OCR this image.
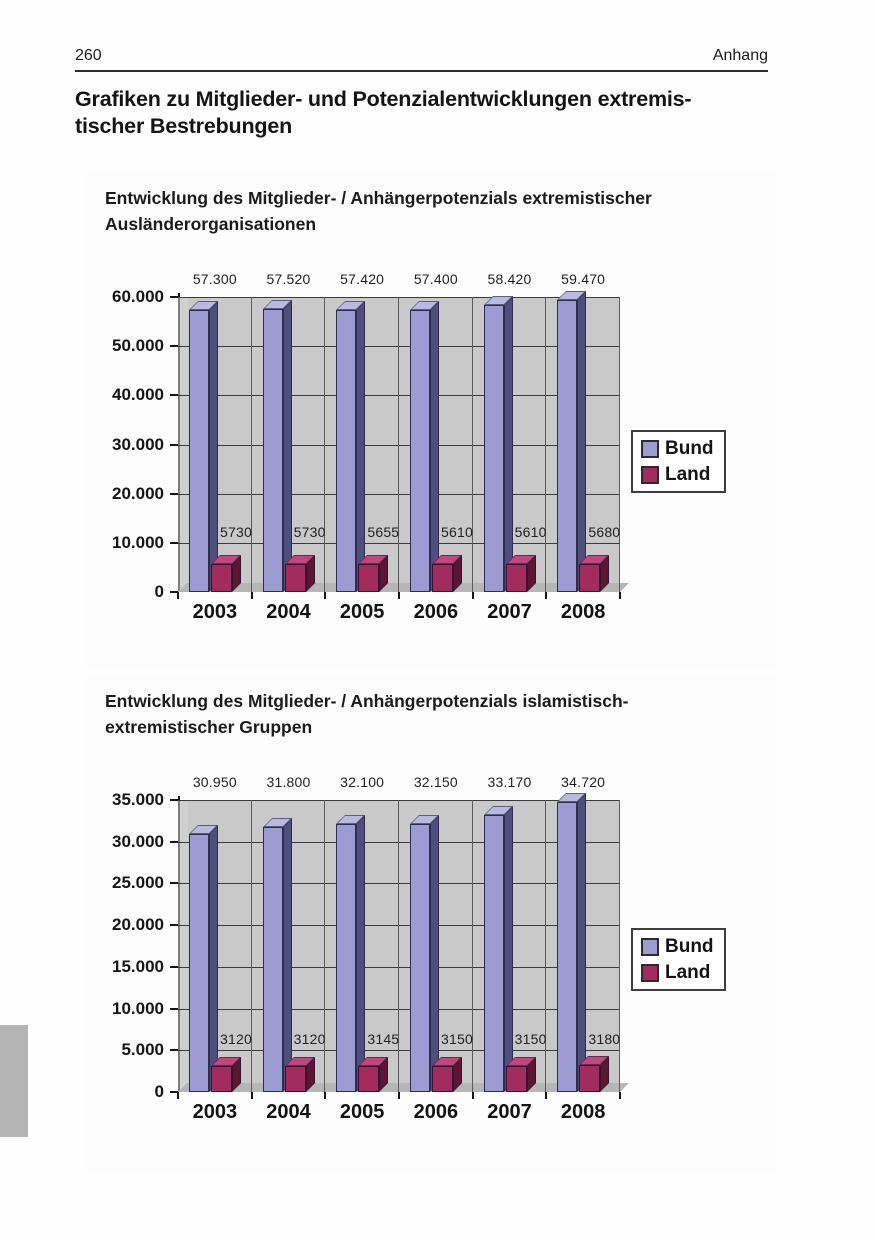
260	Anhang
Grafiken zu Mitglieder- und Potenzialentwicklungen extremis-
tischer Bestrebungen
Entwicklung des Mitglieder- / Anhängerpotenzials extremistischer
Ausländerorganisationen
57.300	57.520	57.420	57.400	58.420	59.470
0
10.000
20.000
30.000
40.000
50.000
60.000
5730	5730	5655	5610	5610	5680
2003	2004	2005	2006	2007	2008
Bund
Land
Entwicklung des Mitglieder- / Anhängerpotenzials islamistisch-
extremistischer Gruppen
30.950	31.800	32.100	32.150	33.170	34.720
0
5.000
10.000
15.000
20.000
25.000
30.000
35.000
3120	3120	3145	3150	3150	3180
2003	2004	2005	2006	2007	2008
Bund
Land
